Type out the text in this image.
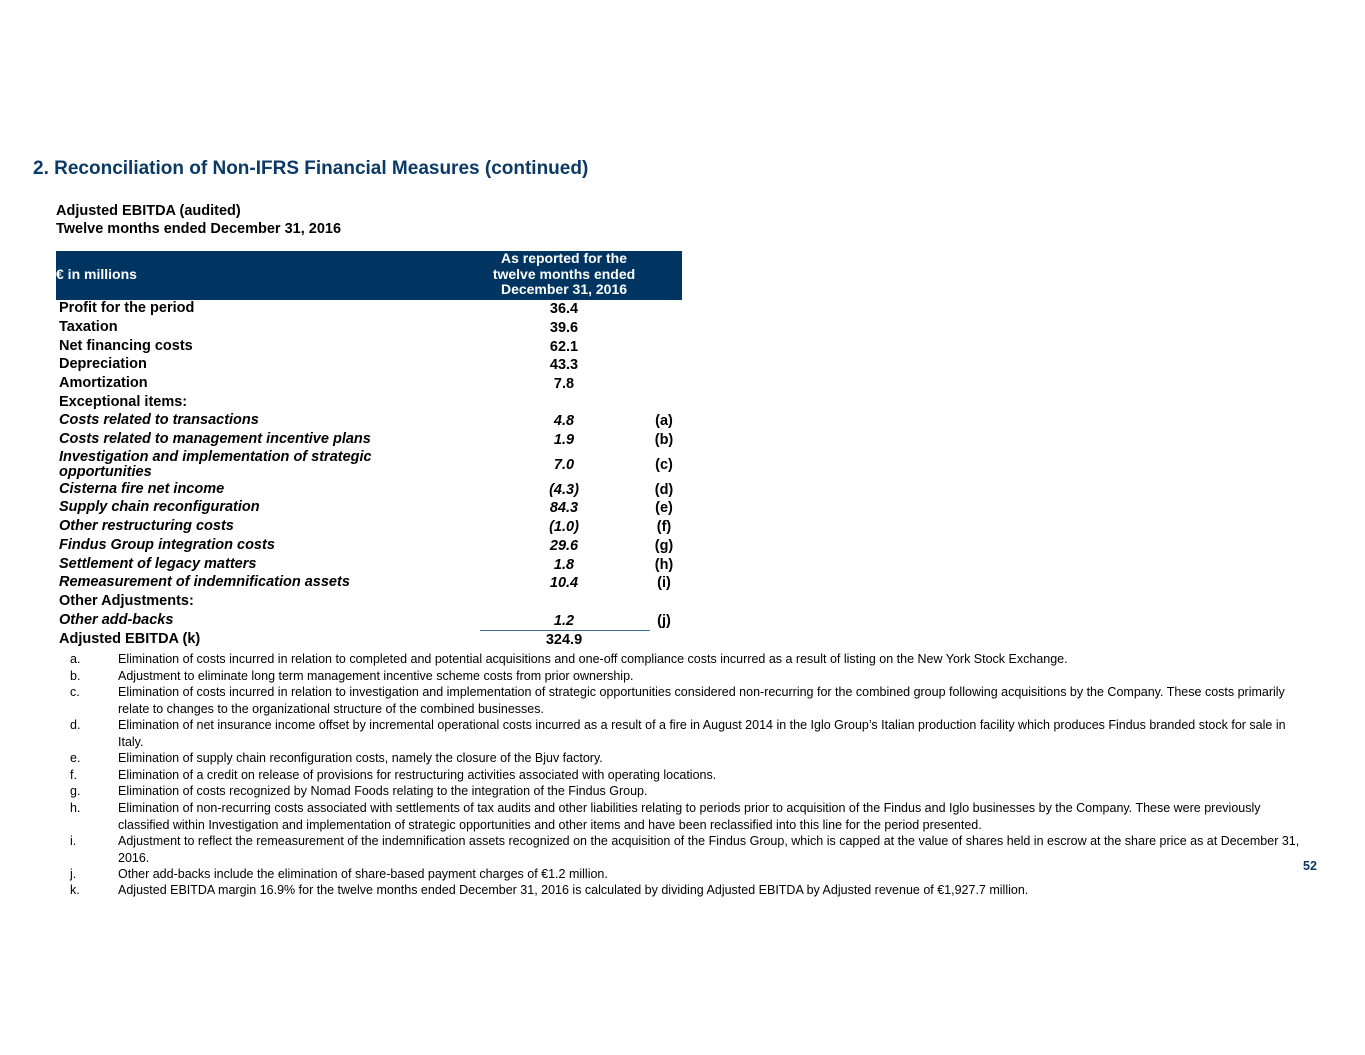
2. Reconciliation of Non-IFRS Financial Measures (continued)
Adjusted EBITDA (audited)
Twelve months ended December 31, 2016
€ in millions
As reported for the
twelve months ended
December 31, 2016
Profit for the period	36.4
Taxation	39.6
Net financing costs	62.1
Depreciation	43.3
Amortization	7.8
Exceptional items:
Costs related to transactions	4.8	(a)
Costs related to management incentive plans	1.9	(b)
Investigation and implementation of strategic opportunities	7.0	(c)
Cisterna fire net income	(4.3)	(d)
Supply chain reconfiguration	84.3	(e)
Other restructuring costs	(1.0)	(f)
Findus Group integration costs	29.6	(g)
Settlement of legacy matters	1.8	(h)
Remeasurement of indemnification assets	10.4	(i)
Other Adjustments:
Other add-backs	1.2	(j)
Adjusted EBITDA (k)	324.9
a.	Elimination of costs incurred in relation to completed and potential acquisitions and one-off compliance costs incurred as a result of listing on the New York Stock Exchange.
b.	Adjustment to eliminate long term management incentive scheme costs from prior ownership.
c.	Elimination of costs incurred in relation to investigation and implementation of strategic opportunities considered non-recurring for the combined group following acquisitions by the Company. These costs primarily relate to changes to the organizational structure of the combined businesses.
d.	Elimination of net insurance income offset by incremental operational costs incurred as a result of a fire in August 2014 in the Iglo Group’s Italian production facility which produces Findus branded stock for sale in Italy.
e.	Elimination of supply chain reconfiguration costs, namely the closure of the Bjuv factory.
f.	Elimination of a credit on release of provisions for restructuring activities associated with operating locations.
g.	Elimination of costs recognized by Nomad Foods relating to the integration of the Findus Group.
h.	Elimination of non-recurring costs associated with settlements of tax audits and other liabilities relating to periods prior to acquisition of the Findus and Iglo businesses by the Company. These were previously classified within Investigation and implementation of strategic opportunities and other items and have been reclassified into this line for the period presented.
i.	Adjustment to reflect the remeasurement of the indemnification assets recognized on the acquisition of the Findus Group, which is capped at the value of shares held in escrow at the share price as at December 31, 2016.
j.	Other add-backs include the elimination of share-based payment charges of €1.2 million.
k.	Adjusted EBITDA margin 16.9% for the twelve months ended December 31, 2016 is calculated by dividing Adjusted EBITDA by Adjusted revenue of €1,927.7 million.
52
